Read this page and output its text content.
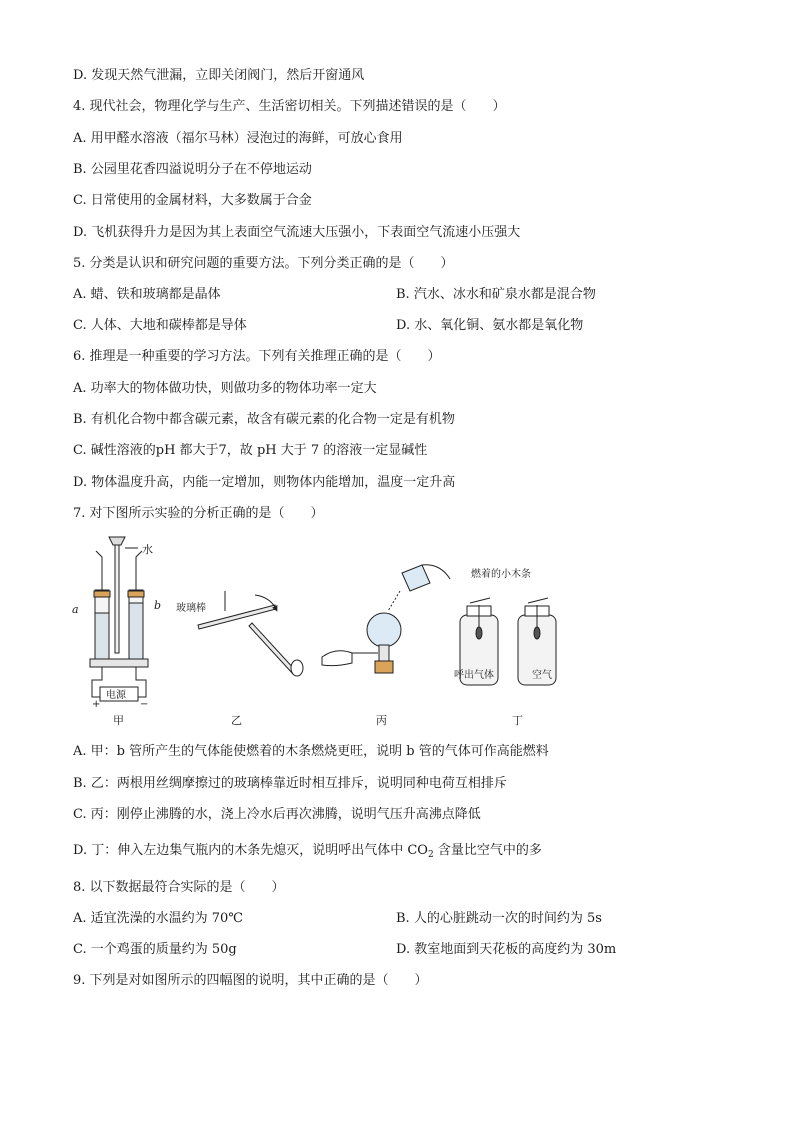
D. 发现天然气泄漏，立即关闭阀门，然后开窗通风
4. 现代社会，物理化学与生产、生活密切相关。下列描述错误的是（　　）
A. 用甲醛水溶液（福尔马林）浸泡过的海鲜，可放心食用
B. 公园里花香四溢说明分子在不停地运动
C. 日常使用的金属材料，大多数属于合金
D. 飞机获得升力是因为其上表面空气流速大压强小，下表面空气流速小压强大
5. 分类是认识和研究问题的重要方法。下列分类正确的是（　　）
A. 蜡、铁和玻璃都是晶体	B. 汽水、冰水和矿泉水都是混合物
C. 人体、大地和碳棒都是导体	D. 水、氧化铜、氨水都是氧化物
6. 推理是一种重要的学习方法。下列有关推理正确的是（　　）
A. 功率大的物体做功快，则做功多的物体功率一定大
B. 有机化合物中都含碳元素，故含有碳元素的化合物一定是有机物
C. 碱性溶液的pH 都大于7，故 pH 大于 7 的溶液一定显碱性
D. 物体温度升高，内能一定增加，则物体内能增加，温度一定升高
7. 对下图所示实验的分析正确的是（　　）
水
a	b
电源
+	−
玻璃棒
燃着的小木条
呼出气体	空气
甲	乙	丙	丁
A. 甲：b 管所产生的气体能使燃着的木条燃烧更旺，说明 b 管的气体可作高能燃料
B. 乙：两根用丝绸摩擦过的玻璃棒靠近时相互排斥，说明同种电荷互相排斥
C. 丙：刚停止沸腾的水，浇上冷水后再次沸腾，说明气压升高沸点降低
D. 丁：伸入左边集气瓶内的木条先熄灭，说明呼出气体中 $CO_2$ 含量比空气中的多
8. 以下数据最符合实际的是（　　）
A. 适宜洗澡的水温约为 70℃	B. 人的心脏跳动一次的时间约为 5s
C. 一个鸡蛋的质量约为 50g	D. 教室地面到天花板的高度约为 30m
9. 下列是对如图所示的四幅图的说明，其中正确的是（　　）
